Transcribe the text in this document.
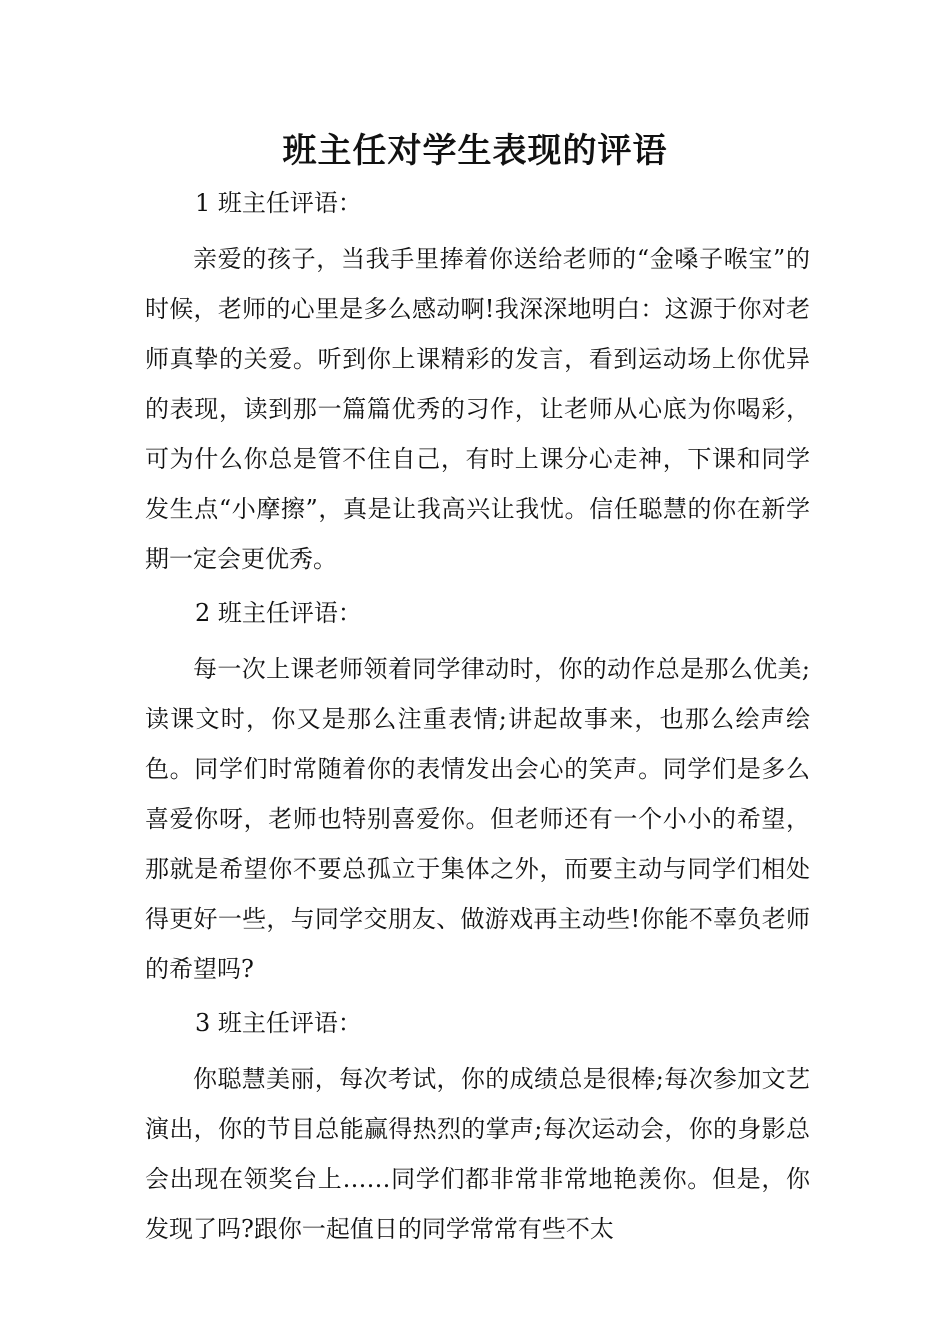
班主任对学生表现的评语

1 班主任评语：

亲爱的孩子，当我手里捧着你送给老师的“金嗓子喉宝”的时候，老师的心里是多么感动啊!我深深地明白：这源于你对老师真挚的关爱。听到你上课精彩的发言，看到运动场上你优异的表现，读到那一篇篇优秀的习作，让老师从心底为你喝彩，可为什么你总是管不住自己，有时上课分心走神，下课和同学发生点“小摩擦”，真是让我高兴让我忧。信任聪慧的你在新学期一定会更优秀。

2 班主任评语：

每一次上课老师领着同学律动时，你的动作总是那么优美;读课文时，你又是那么注重表情;讲起故事来，也那么绘声绘色。同学们时常随着你的表情发出会心的笑声。同学们是多么喜爱你呀，老师也特别喜爱你。但老师还有一个小小的希望，那就是希望你不要总孤立于集体之外，而要主动与同学们相处得更好一些，与同学交朋友、做游戏再主动些!你能不辜负老师的希望吗?

3 班主任评语：

你聪慧美丽，每次考试，你的成绩总是很棒;每次参加文艺演出，你的节目总能赢得热烈的掌声;每次运动会，你的身影总会出现在领奖台上……同学们都非常非常地艳羡你。但是，你发现了吗?跟你一起值日的同学常常有些不太
